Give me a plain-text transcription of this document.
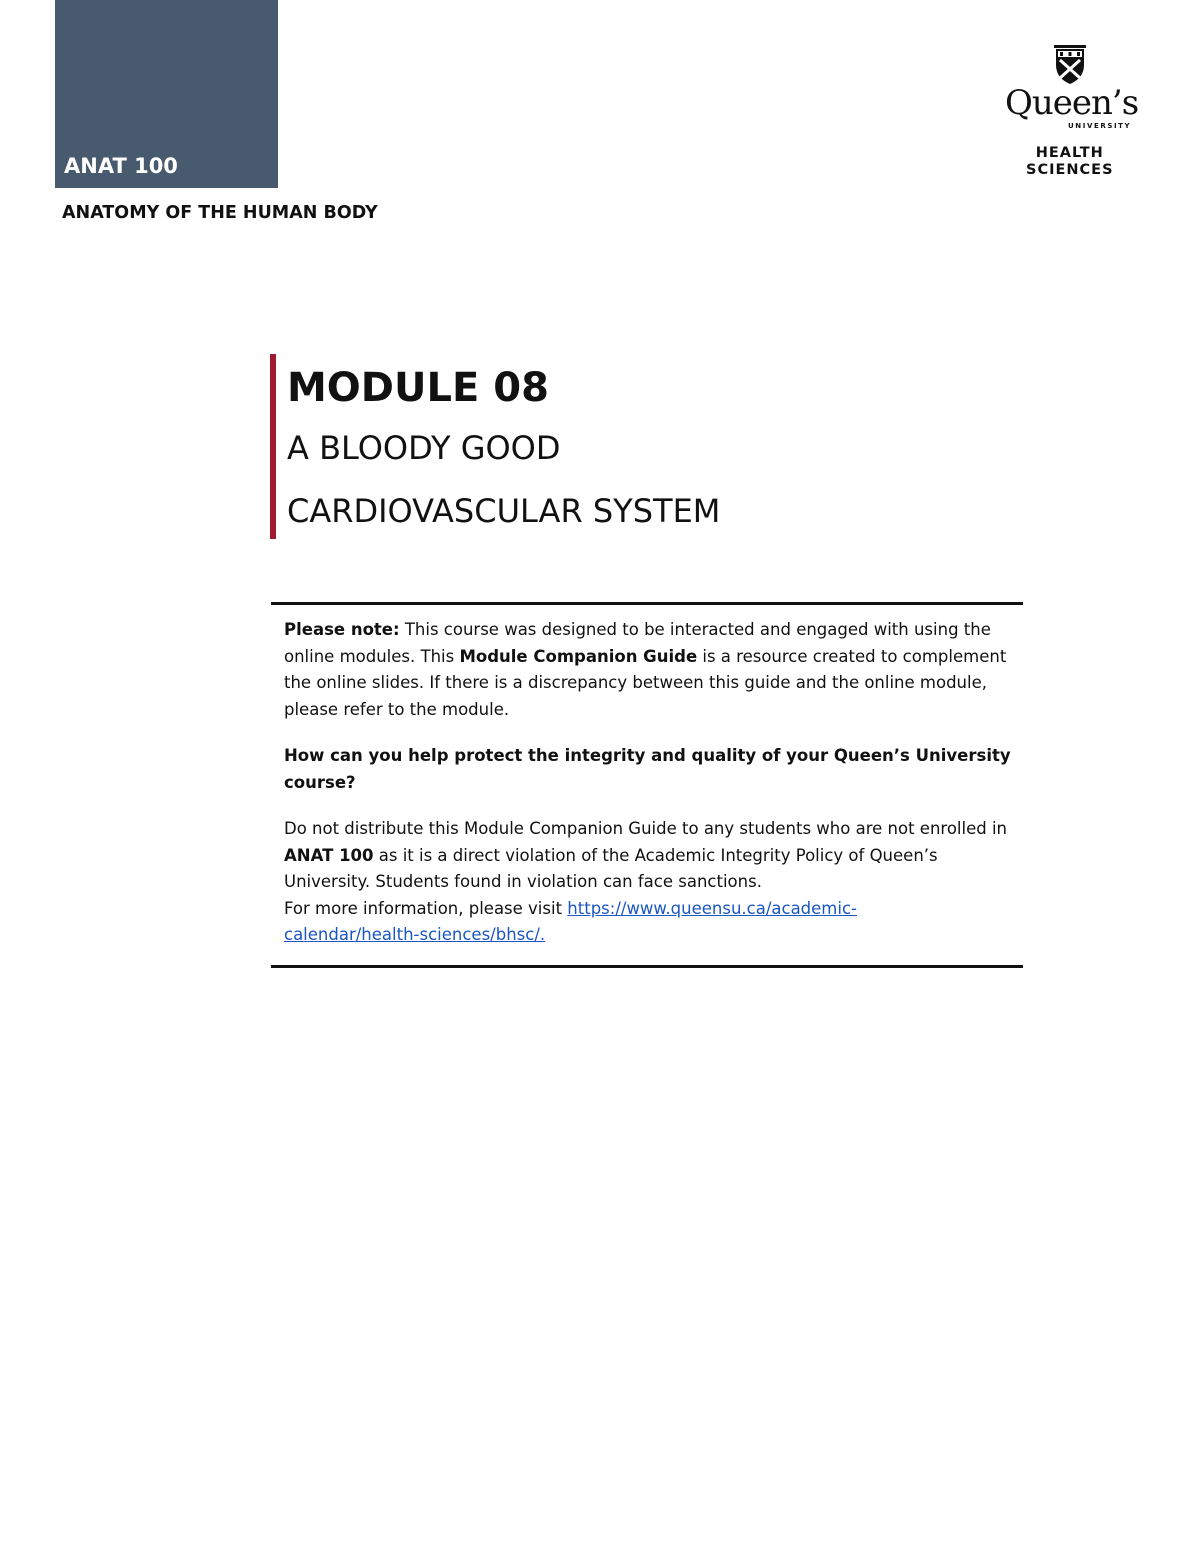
ANAT 100
ANATOMY OF THE HUMAN BODY
Queen’s
UNIVERSITY
HEALTH
SCIENCES
MODULE 08
A BLOODY GOOD
CARDIOVASCULAR SYSTEM

Please note: This course was designed to be interacted and engaged with using the online modules. This Module Companion Guide is a resource created to complement the online slides. If there is a discrepancy between this guide and the online module, please refer to the module.

How can you help protect the integrity and quality of your Queen’s University course?

Do not distribute this Module Companion Guide to any students who are not enrolled in ANAT 100 as it is a direct violation of the Academic Integrity Policy of Queen’s University. Students found in violation can face sanctions.
For more information, please visit https://www.queensu.ca/academic-
calendar/health-sciences/bhsc/.
